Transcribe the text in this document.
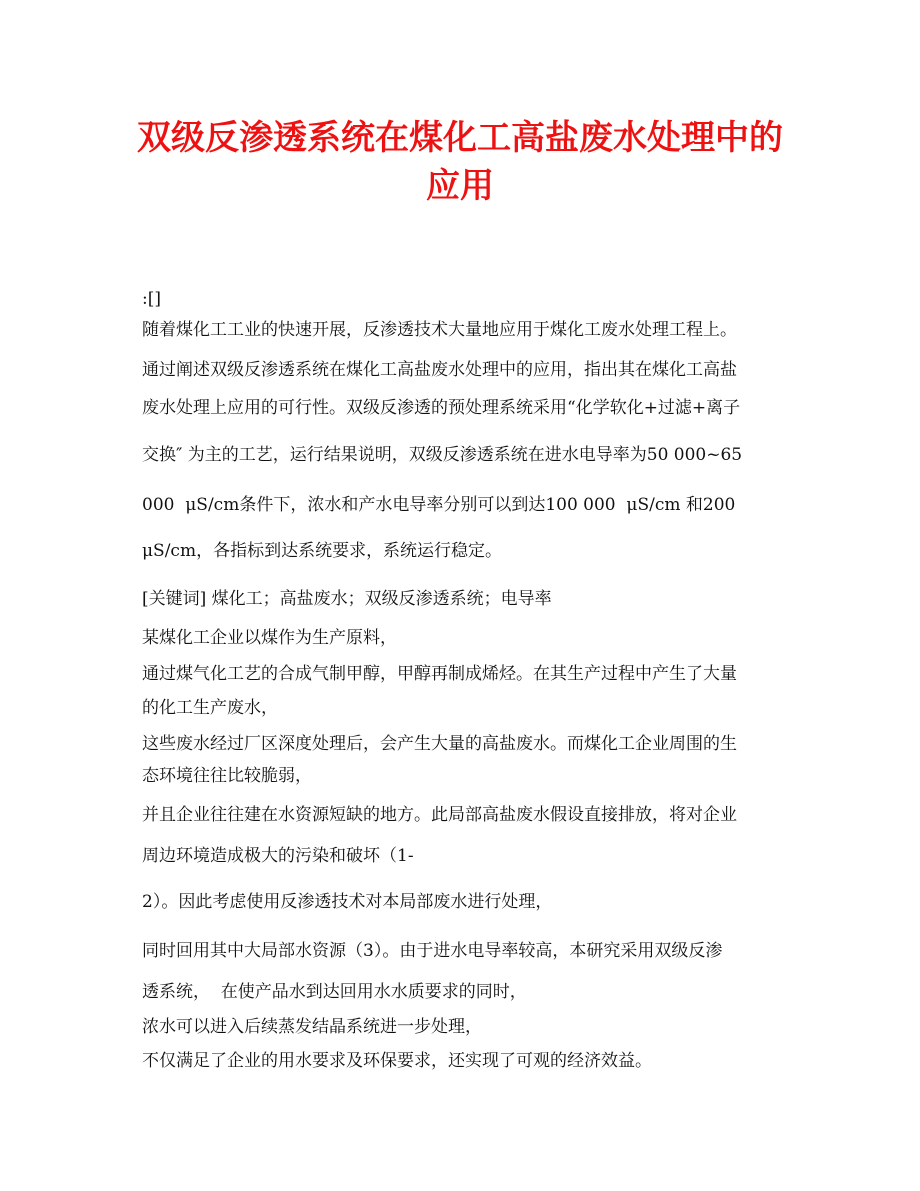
双级反渗透系统在煤化工高盐废水处理中的
应用

:[]

随着煤化工工业的快速开展，反渗透技术大量地应用于煤化工废水处理工程上。

通过阐述双级反渗透系统在煤化工高盐废水处理中的应用，指出其在煤化工高盐

废水处理上应用的可行性。双级反渗透的预处理系统采用“化学软化+过滤+离子

交换″ 为主的工艺，运行结果说明，双级反渗透系统在进水电导率为50 000~65

000  μS/cm条件下，浓水和产水电导率分别可以到达100 000  μS/cm 和200

μS/cm，各指标到达系统要求，系统运行稳定。

[关键词] 煤化工；高盐废水；双级反渗透系统；电导率

某煤化工企业以煤作为生产原料，

通过煤气化工艺的合成气制甲醇，甲醇再制成烯烃。在其生产过程中产生了大量

的化工生产废水，

这些废水经过厂区深度处理后，会产生大量的高盐废水。而煤化工企业周围的生

态环境往往比较脆弱，

并且企业往往建在水资源短缺的地方。此局部高盐废水假设直接排放，将对企业

周边环境造成极大的污染和破坏（1-

2）。因此考虑使用反渗透技术对本局部废水进行处理，

同时回用其中大局部水资源（3）。由于进水电导率较高，本研究采用双级反渗

透系统，  在使产品水到达回用水水质要求的同时，

浓水可以进入后续蒸发结晶系统进一步处理，

不仅满足了企业的用水要求及环保要求，还实现了可观的经济效益。
